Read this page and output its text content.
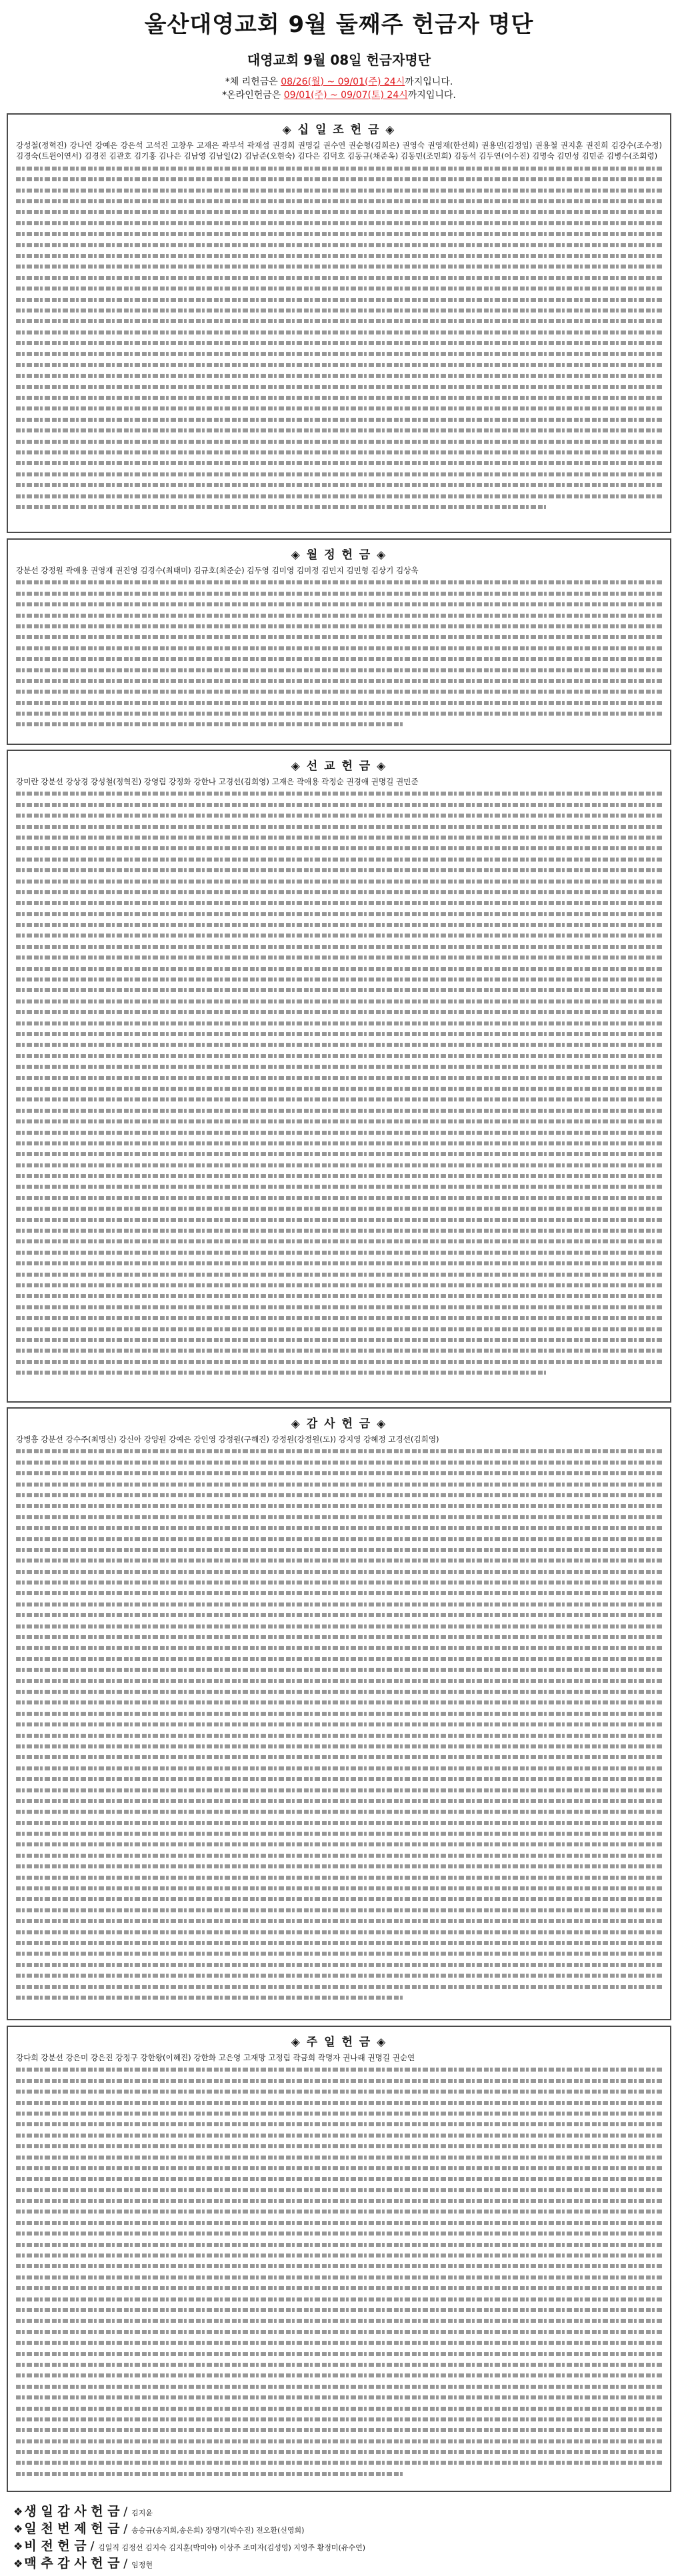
울산대영교회 9월 둘째주 헌금자 명단
대영교회 9월 08일 헌금자명단
*체 리헌금은 08/26(월) ~ 09/01(주) 24시까지입니다.
*온라인헌금은 09/01(주) ~ 09/07(토) 24시까지입니다.
◈ 십 일 조 헌 금 ◈
강성철(정혁진) 강나연 강예은 강은석 고석진 고창우 고재은 곽부석 곽재섭 권경희 권명길 권수연 권순형(김희은) 권영숙 권영재(한선희) 권용민(김정임) 권용철 권지훈 권진희 김강수(조수정) 김경숙(트윈이연서) 김경진 김관호 김기홍 김나은 김남영 김남일(2) 김남준(오현숙) 김다은 김덕호 김동규(채준옥) 김동민(조민희) 김동석 김두연(이수진) 김명숙 김민성 김민준 김병수(조회령)
◈ 월 정 헌 금 ◈
강분선 강정원 곽애용 권영재 권진영 김경수(최태미) 김규호(최준순) 김두영 김미영 김미정 김민지 김민형 김상기 김상욱
◈ 선 교 헌 금 ◈
강미란 강분선 강상경 강성철(정혁진) 강영림 강정화 강한나 고경선(김희영) 고재은 곽애용 곽정순 권경애 권명길 권민준
◈ 감 사 헌 금 ◈
강병흥 강분선 강수주(최명신) 강신아 강양원 강예은 강인영 강정원(구해진) 강정원(강정원(도)) 강지영 강혜정 고경선(김희영)
◈ 주 일 헌 금 ◈
강다희 강분선 강은미 강은진 강정구 강한왕(이혜진) 강한화 고은영 고재망 고정림 곽금희 곽명자 권나래 권명길 권순연
❖ 생 일 감 사 헌 금 / 김지윤
❖ 일 천 번 제 헌 금 / 송승규(송지희,송은희) 장명기(박수진) 전오환(신영희)
❖ 비 전 헌 금 / 김일직 김정선 김지숙 김지훈(박미야) 이상주 조미자(김성영) 지영주 황정미(유수연)
❖ 맥 추 감 사 헌 금 / 임정현
